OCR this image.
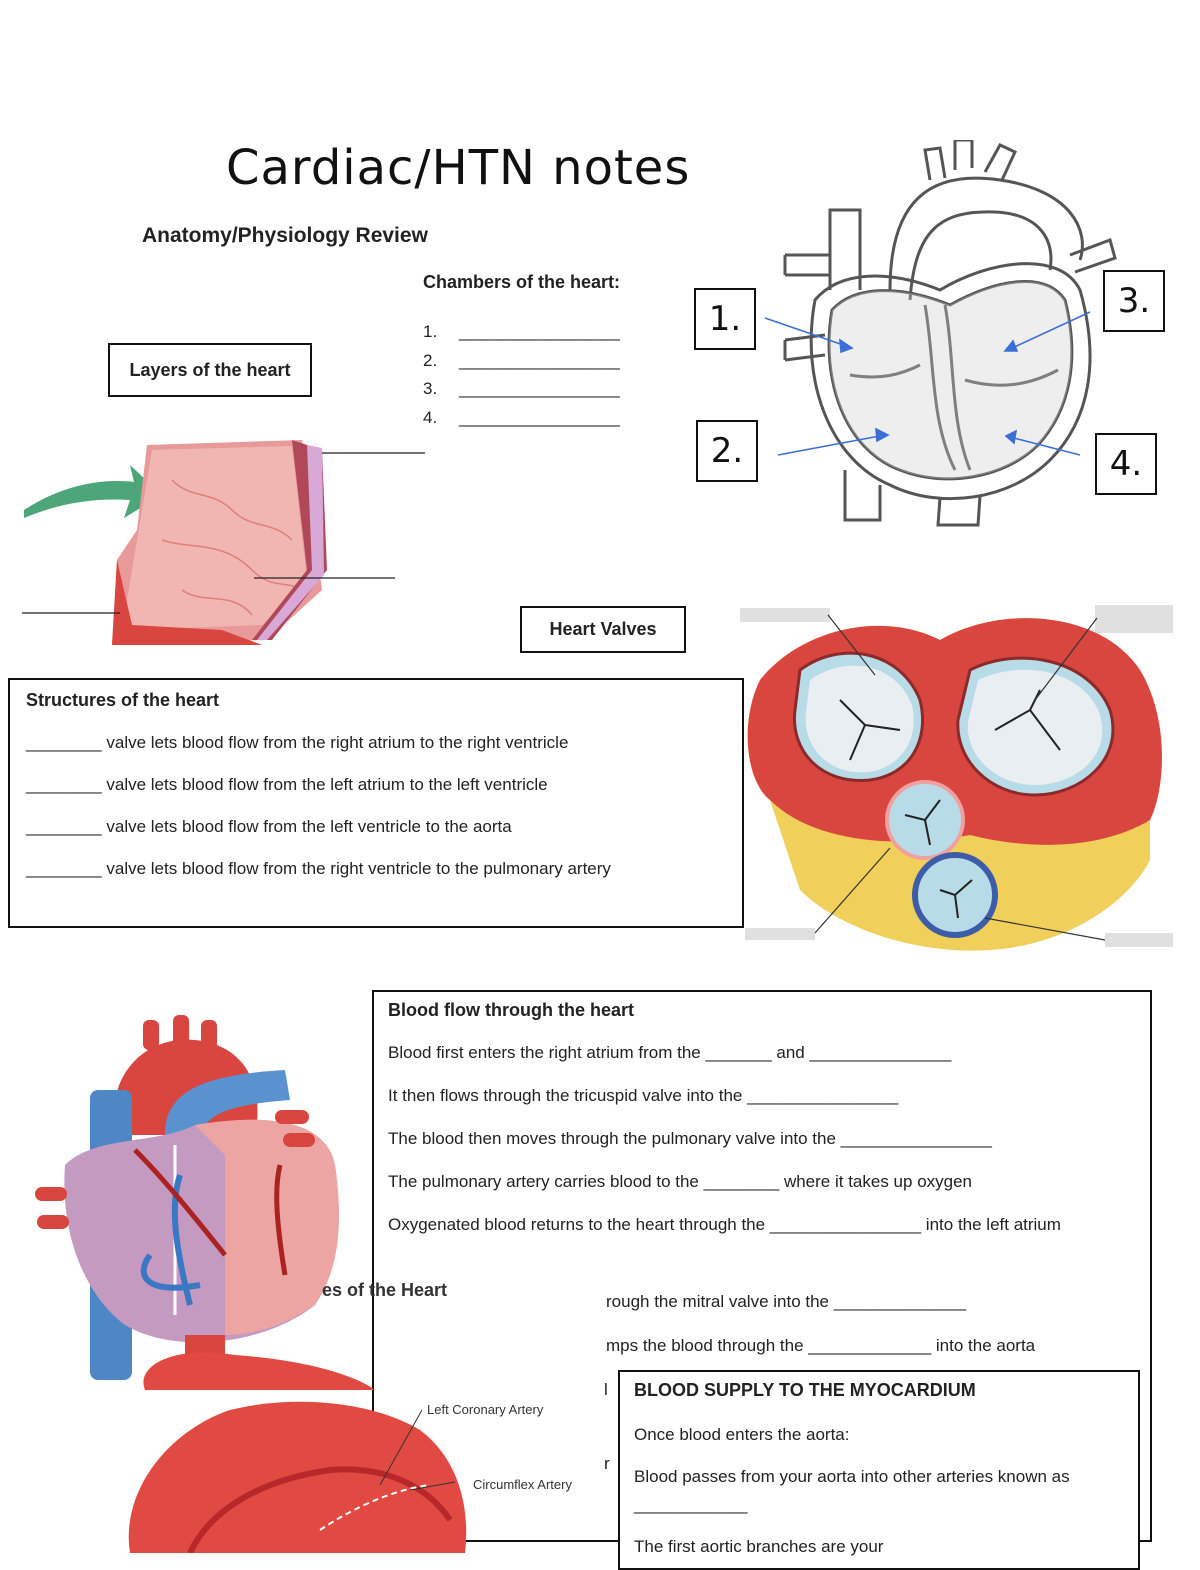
Cardiac/HTN notes
Anatomy/Physiology Review
Chambers of the heart:
1. _________________
2. _________________
3. _________________
4. _________________
1.
2.
3.
4.
Layers of the heart
Heart Valves
Structures of the heart

________ valve lets blood flow from the right atrium to the right ventricle

________ valve lets blood flow from the left atrium to the left ventricle

________ valve lets blood flow from the left ventricle to the aorta

________ valve lets blood flow from the right ventricle to the pulmonary artery

Blood flow through the heart

Blood first enters the right atrium from the _______ and _______________

It then flows through the tricuspid valve into the ________________

The blood then moves through the pulmonary valve into the ________________

The pulmonary artery carries blood to the ________ where it takes up oxygen

Oxygenated blood returns to the heart through the ________________ into the left atrium

rough the mitral valve into the ______________
mps the blood through the _____________ into the aorta
l
r
es of the Heart
Left Coronary Artery
Circumflex Artery
BLOOD SUPPLY TO THE MYOCARDIUM

Once blood enters the aorta:

Blood passes from your aorta into other arteries known as ____________

The first aortic branches are your
